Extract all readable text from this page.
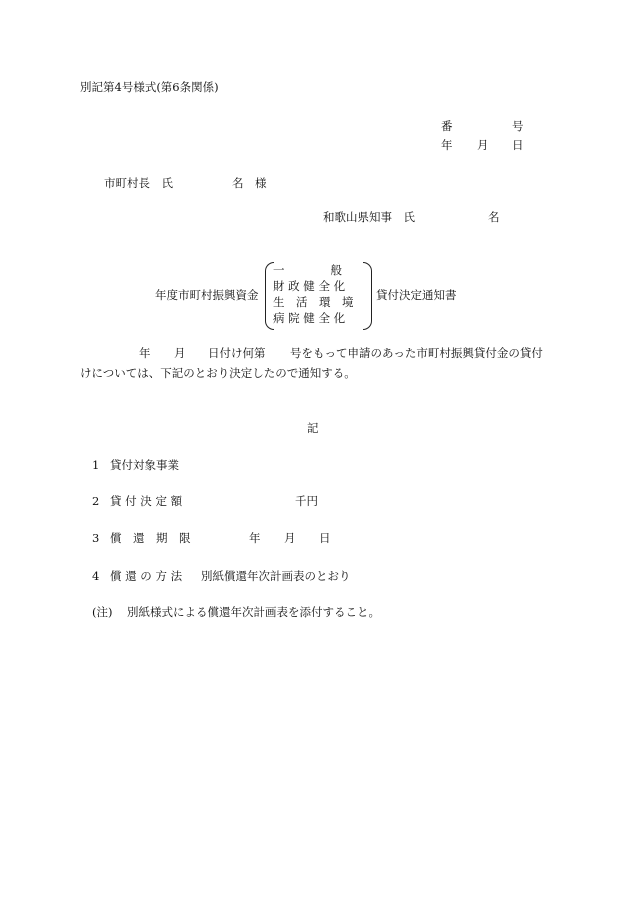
別記第4号様式(第6条関係)
番	号
年 月 日
市町村長　氏	名 様
和歌山県知事　氏	名
年度市町村振興資金
一　　　　般
財 政 健 全 化
生　活　環　境
病 院 健 全 化
貸付決定通知書
年 月 日付け何第 号をもって申請のあった市町村振興貸付金の貸付
けについては、下記のとおり決定したので通知する。
記
1 貸付対象事業
2 貸 付 決 定 額	千円
3 償　還　期　限	年 月 日
4 償 還 の 方 法 別紙償還年次計画表のとおり
(注) 別紙様式による償還年次計画表を添付すること。
